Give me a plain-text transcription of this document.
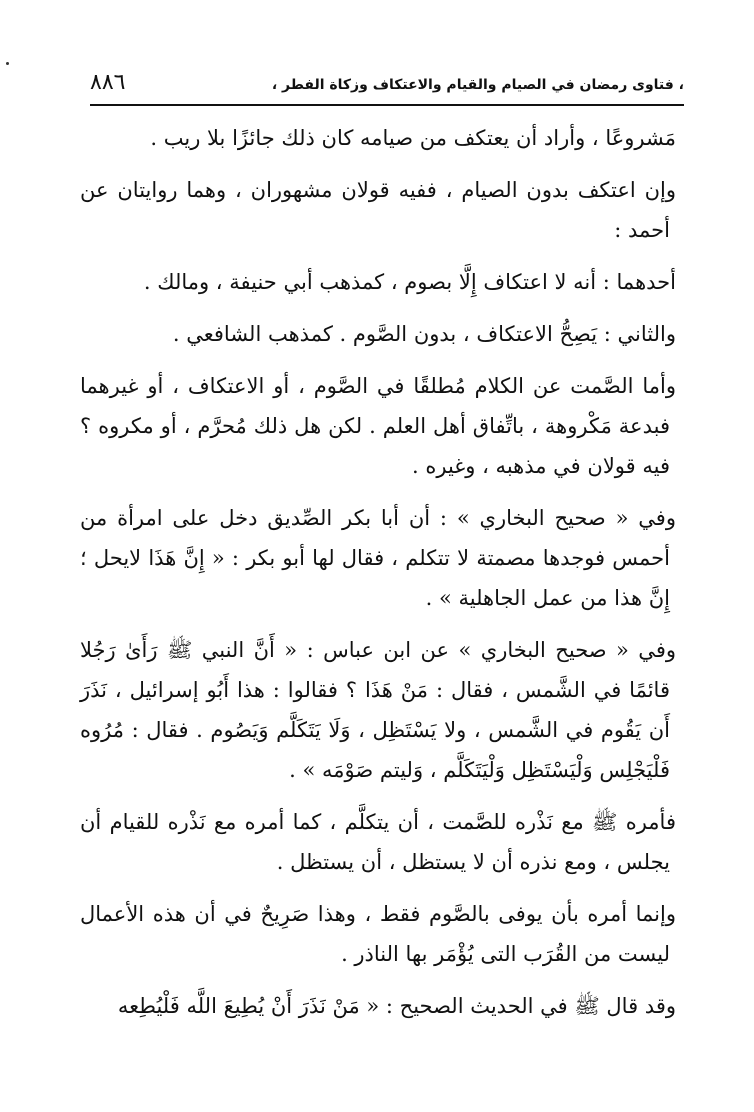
٨٨٦	، فتاوى رمضان في الصيام والقيام والاعتكاف وزكاة الفطر ،

مَشروعًا ، وأراد أن يعتكف من صيامه كان ذلك جائزًا بلا ريب .

وإن اعتكف بدون الصيام ، ففيه قولان مشهوران ، وهما روايتان عن أحمد :

أحدهما : أنه لا اعتكاف إِلَّا بصوم ، كمذهب أبي حنيفة ، ومالك .

والثاني : يَصِحُّ الاعتكاف ، بدون الصَّوم . كمذهب الشافعي .

وأما الصَّمت عن الكلام مُطلقًا في الصَّوم ، أو الاعتكاف ، أو غيرهما فبدعة مَكْروهة ، باتِّفاق أهل العلم . لكن هل ذلك مُحرَّم ، أو مكروه ؟ فيه قولان في مذهبه ، وغيره .

وفي « صحيح البخاري » : أن أبا بكر الصِّديق دخل على امرأة من أحمس فوجدها مصمتة لا تتكلم ، فقال لها أبو بكر : « إِنَّ هَذَا لايحل ؛ إِنَّ هذا من عمل الجاهلية » .

وفي « صحيح البخاري » عن ابن عباس : « أَنَّ النبي ﷺ رَأَىٰ رَجُلا قائمًا في الشَّمس ، فقال : مَنْ هَذَا ؟ فقالوا : هذا أَبُو إسرائيل ، نَذَرَ أَن يَقُوم في الشَّمس ، ولا يَسْتَظِل ، وَلَا يَتَكَلَّم وَيَصُوم . فقال : مُرُوه فَلْيَجْلِس وَلْيَسْتَظِل وَلْيَتَكَلَّم ، وَليتم صَوْمَه » .

فأمره ﷺ مع نَذْره للصَّمت ، أن يتكلَّم ، كما أمره مع نَذْره للقيام أن يجلس ، ومع نذره أن لا يستظل ، أن يستظل .

وإنما أمره بأن يوفى بالصَّوم فقط ، وهذا صَرِيحٌ في أن هذه الأعمال ليست من القُرَب التى يُؤْمَر بها الناذر .

وقد قال ﷺ في الحديث الصحيح : « مَنْ نَذَرَ أَنْ يُطِيعَ اللَّه فَلْيُطِعه
